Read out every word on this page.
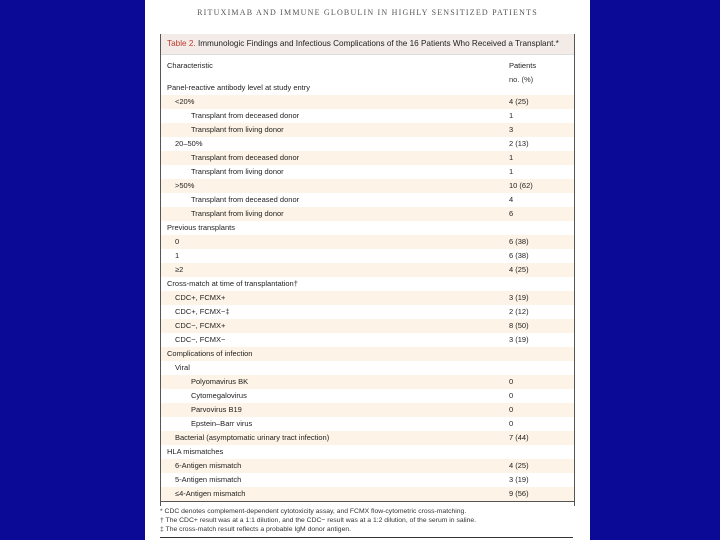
RITUXIMAB AND IMMUNE GLOBULIN IN HIGHLY SENSITIZED PATIENTS
Table 2. Immunologic Findings and Infectious Complications of the 16 Patients Who Received a Transplant.*
Characteristic	Patients
no. (%)
Panel-reactive antibody level at study entry
<20%	4 (25)
Transplant from deceased donor	1
Transplant from living donor	3
20–50%	2 (13)
Transplant from deceased donor	1
Transplant from living donor	1
>50%	10 (62)
Transplant from deceased donor	4
Transplant from living donor	6
Previous transplants
0	6 (38)
1	6 (38)
≥2	4 (25)
Cross-match at time of transplantation†
CDC+, FCMX+	3 (19)
CDC+, FCMX−‡	2 (12)
CDC−, FCMX+	8 (50)
CDC−, FCMX−	3 (19)
Complications of infection
Viral
Polyomavirus BK	0
Cytomegalovirus	0
Parvovirus B19	0
Epstein–Barr virus	0
Bacterial (asymptomatic urinary tract infection)	7 (44)
HLA mismatches
6-Antigen mismatch	4 (25)
5-Antigen mismatch	3 (19)
≤4-Antigen mismatch	9 (56)
* CDC denotes complement-dependent cytotoxicity assay, and FCMX flow-cytometric cross-matching.
† The CDC+ result was at a 1:1 dilution, and the CDC− result was at a 1:2 dilution, of the serum in saline.
‡ The cross-match result reflects a probable IgM donor antigen.
